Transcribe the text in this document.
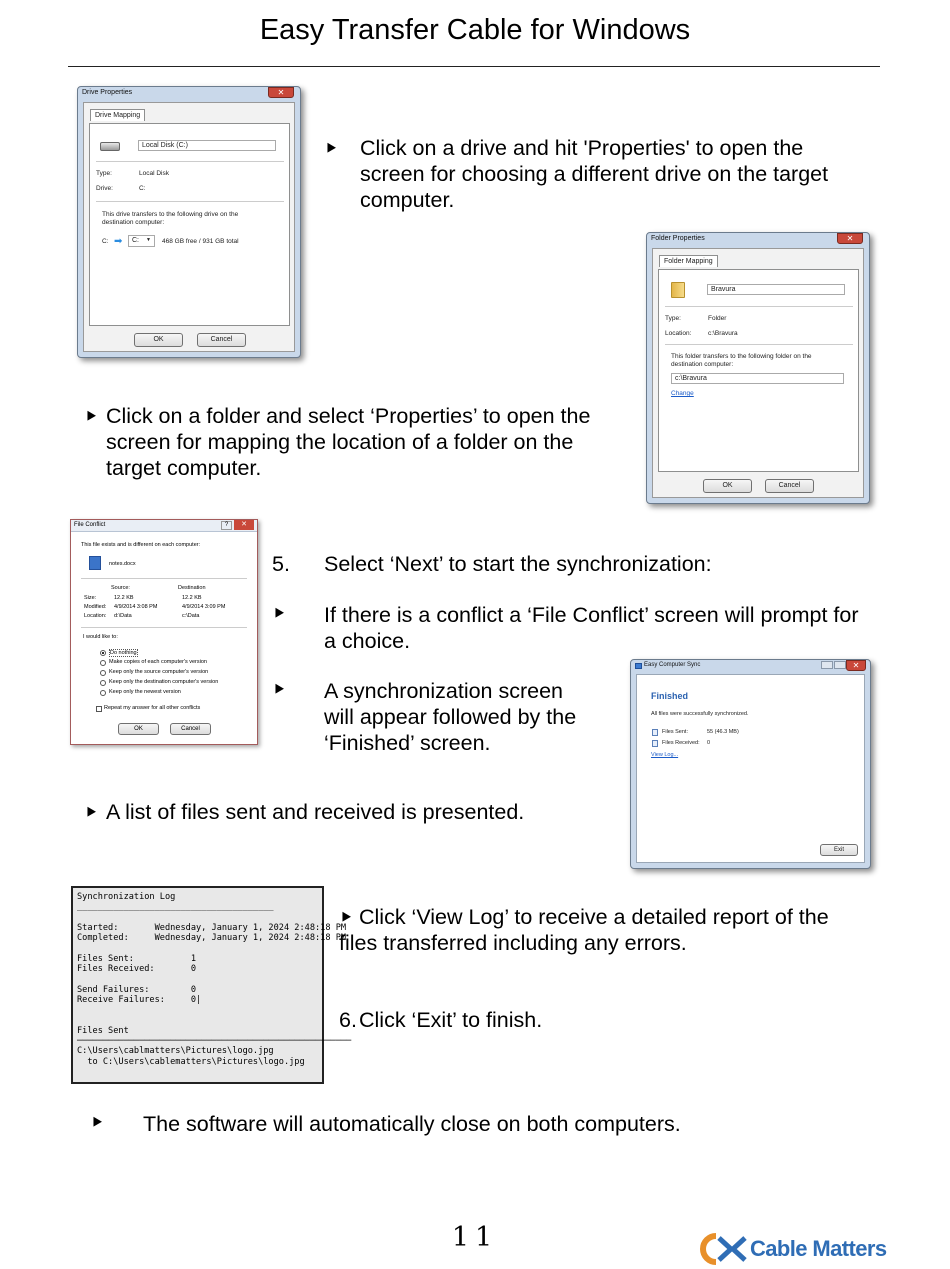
Easy Transfer Cable for Windows
Drive Properties	✕
Drive Mapping
Local Disk (C:)
Type:	Local Disk
Drive:	C:
This drive transfers to the following drive on the destination computer:
C: ➡	C: ▼ 468 GB free / 931 GB total
OK	Cancel
⯈	Click on a drive and hit 'Properties' to open the screen for choosing a different drive on the target computer.
Folder Properties	✕
Folder Mapping
Bravura
Type:	Folder
Location:	c:\Bravura
This folder transfers to the following folder on the destination computer:
c:\Bravura
Change
OK	Cancel
⯈ Click on a folder and select ‘Properties’ to open the screen for mapping the location of a folder on the target computer.
File Conflict	?	✕
This file exists and is different on each computer:
notes.docx
Source:	Destination
Size:	12.2 KB	12.2 KB
Modified: 4/9/2014 3:08 PM	4/9/2014 3:09 PM
Location: d:\Data	c:\Data
I would like to:
Do nothing
Make copies of each computer's version
Keep only the source computer's version
Keep only the destination computer's version
Keep only the newest version
Repeat my answer for all other conflicts
OK	Cancel
5. Select ‘Next’ to start the synchronization:
⯈ If there is a conflict a ‘File Conflict’ screen will prompt for a choice.
⯈ A synchronization screen will appear followed by the ‘Finished’ screen.
Easy Computer Sync	✕
Finished
All files were successfully synchronized.
Files Sent:	55 (46.3 MB)
Files Received: 0
View Log...
Exit
⯈ A list of files sent and received is presented.
Synchronization Log
______________________________________

Started:       Wednesday, January 1, 2024 2:48:18 PM
Completed:     Wednesday, January 1, 2024 2:48:18 PM

Files Sent:           1
Files Received:       0

Send Failures:        0
Receive Failures:     0|

Files Sent
─────────────────────────────────────────────────────
C:\Users\cablmatters\Pictures\logo.jpg
to C:\Users\cablematters\Pictures\logo.jpg
⯈ Click ‘View Log’ to receive a detailed report of the files transferred including any errors.
6. Click ‘Exit’ to finish.
⯈ The software will automatically close on both computers.
11	Cable Matters
